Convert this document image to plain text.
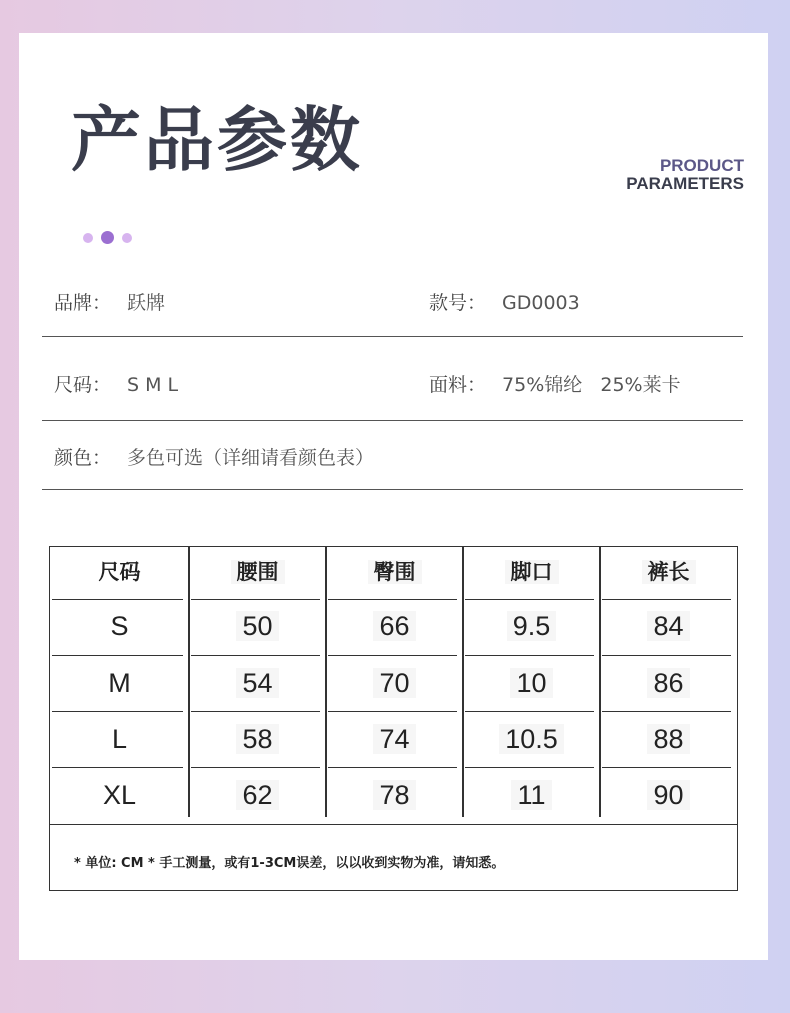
产品参数	PRODUCT
PARAMETERS
品牌： 跃牌	款号： GD0003
尺码： S M L	面料： 75%锦纶   25%莱卡
颜色： 多色可选（详细请看颜色表）
* 单位: CM * 手工测量，或有1-3CM误差，以以收到实物为准，请知悉。
尺码	腰围	臀围	脚口	裤长
S	50	66	9.5	84
M	54	70	10	86
L	58	74	10.5	88
XL	62	78	11	90
